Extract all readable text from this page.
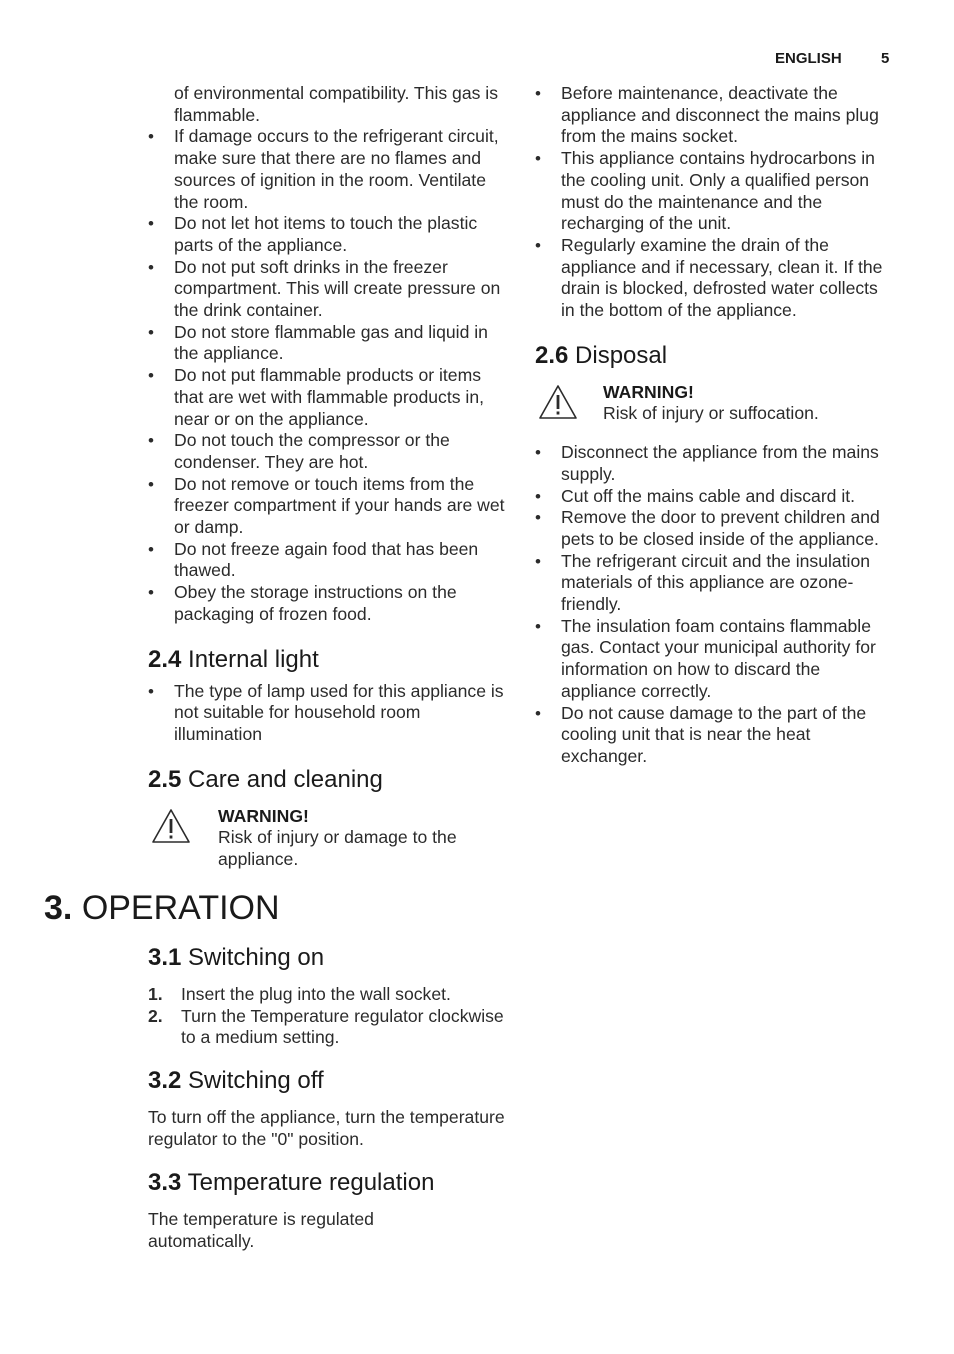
ENGLISH	5
of environmental compatibility. This gas is flammable.
• If damage occurs to the refrigerant circuit, make sure that there are no flames and sources of ignition in the room. Ventilate the room.
• Do not let hot items to touch the plastic parts of the appliance.
• Do not put soft drinks in the freezer compartment. This will create pressure on the drink container.
• Do not store flammable gas and liquid in the appliance.
• Do not put flammable products or items that are wet with flammable products in, near or on the appliance.
• Do not touch the compressor or the condenser. They are hot.
• Do not remove or touch items from the freezer compartment if your hands are wet or damp.
• Do not freeze again food that has been thawed.
• Obey the storage instructions on the packaging of frozen food.
2.4 Internal light
• The type of lamp used for this appliance is not suitable for household room illumination
2.5 Care and cleaning
WARNING!
Risk of injury or damage to the appliance.
3. OPERATION
3.1 Switching on
1. Insert the plug into the wall socket.
2. Turn the Temperature regulator clockwise to a medium setting.
3.2 Switching off

To turn off the appliance, turn the temperature regulator to the "0" position.

3.3 Temperature regulation

The temperature is regulated automatically.

• Before maintenance, deactivate the appliance and disconnect the mains plug from the mains socket.
• This appliance contains hydrocarbons in the cooling unit. Only a qualified person must do the maintenance and the recharging of the unit.
• Regularly examine the drain of the appliance and if necessary, clean it. If the drain is blocked, defrosted water collects in the bottom of the appliance.
2.6 Disposal
WARNING!
Risk of injury or suffocation.
• Disconnect the appliance from the mains supply.
• Cut off the mains cable and discard it.
• Remove the door to prevent children and pets to be closed inside of the appliance.
• The refrigerant circuit and the insulation materials of this appliance are ozone-friendly.
• The insulation foam contains flammable gas. Contact your municipal authority for information on how to discard the appliance correctly.
• Do not cause damage to the part of the cooling unit that is near the heat exchanger.
